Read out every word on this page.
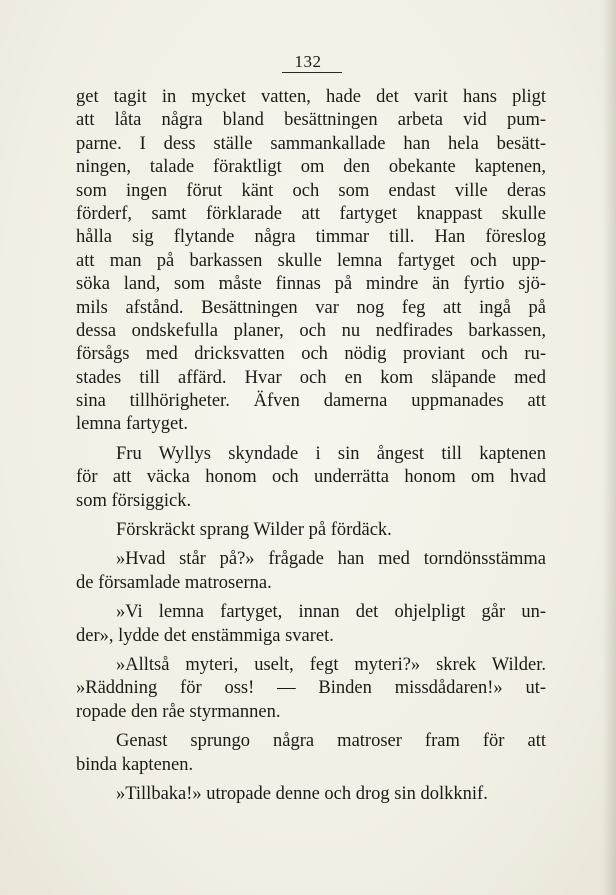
132
get tagit in mycket vatten, hade det varit hans pligt
att låta några bland besättningen arbeta vid pum-
parne. I dess ställe sammankallade han hela besätt-
ningen, talade föraktligt om den obekante kaptenen,
som ingen förut känt och som endast ville deras
förderf, samt förklarade att fartyget knappast skulle
hålla sig flytande några timmar till. Han föreslog
att man på barkassen skulle lemna fartyget och upp-
söka land, som måste finnas på mindre än fyrtio sjö-
mils afstånd. Besättningen var nog feg att ingå på
dessa ondskefulla planer, och nu nedfirades barkassen,
försågs med dricksvatten och nödig proviant och ru-
stades till affärd. Hvar och en kom släpande med
sina tillhörigheter. Äfven damerna uppmanades att
lemna fartyget.
Fru Wyllys skyndade i sin ångest till kaptenen
för att väcka honom och underrätta honom om hvad
som försiggick.
Förskräckt sprang Wilder på fördäck.
»Hvad står på?» frågade han med torndönsstämma
de församlade matroserna.
»Vi lemna fartyget, innan det ohjelpligt går un-
der», lydde det enstämmiga svaret.
»Alltså myteri, uselt, fegt myteri?» skrek Wilder.
»Räddning för oss! — Binden missdådaren!» ut-
ropade den råe styrmannen.
Genast sprungo några matroser fram för att
binda kaptenen.
»Tillbaka!» utropade denne och drog sin dolkknif.
